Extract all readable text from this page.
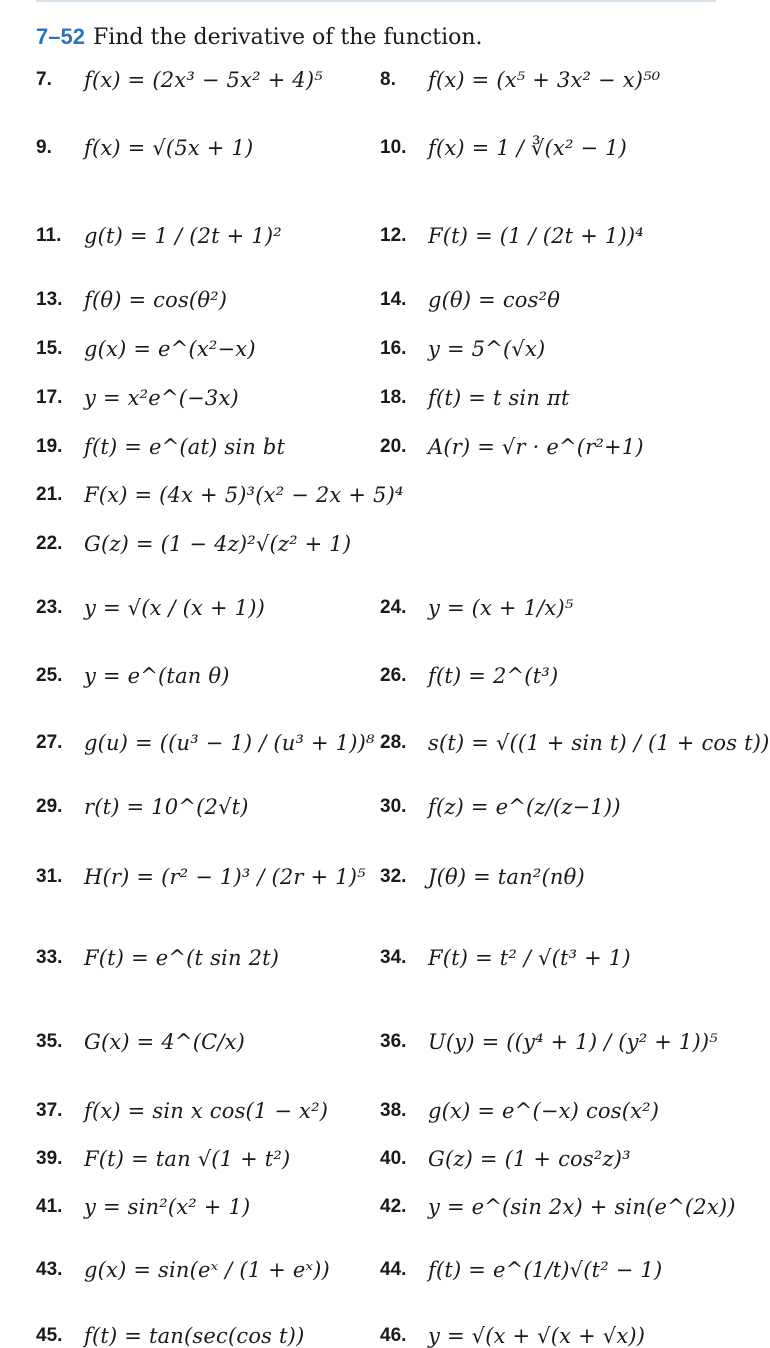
7–52 Find the derivative of the function.
7. f(x) = (2x³ − 5x² + 4)⁵	8. f(x) = (x⁵ + 3x² − x)⁵⁰
9. f(x) = √(5x + 1)	10. f(x) = 1 / ∛(x² − 1)
11. g(t) = 1 / (2t + 1)²	12. F(t) = (1 / (2t + 1))⁴
13. f(θ) = cos(θ²)	14. g(θ) = cos²θ
15. g(x) = e^(x²−x)	16. y = 5^(√x)
17. y = x²e^(−3x)	18. f(t) = t sin πt
19. f(t) = e^(at) sin bt	20. A(r) = √r · e^(r²+1)
21. F(x) = (4x + 5)³(x² − 2x + 5)⁴
22. G(z) = (1 − 4z)²√(z² + 1)
23. y = √(x / (x + 1))	24. y = (x + 1/x)⁵
25. y = e^(tan θ)	26. f(t) = 2^(t³)
27. g(u) = ((u³ − 1) / (u³ + 1))⁸ 28. s(t) = √((1 + sin t) / (1 + cos t))
29. r(t) = 10^(2√t)	30. f(z) = e^(z/(z−1))
31. H(r) = (r² − 1)³ / (2r + 1)⁵ 32. J(θ) = tan²(nθ)
33. F(t) = e^(t sin 2t)	34. F(t) = t² / √(t³ + 1)
35. G(x) = 4^(C/x)	36. U(y) = ((y⁴ + 1) / (y² + 1))⁵
37. f(x) = sin x cos(1 − x²)	38. g(x) = e^(−x) cos(x²)
39. F(t) = tan √(1 + t²)	40. G(z) = (1 + cos²z)³
41. y = sin²(x² + 1)	42. y = e^(sin 2x) + sin(e^(2x))
43. g(x) = sin(eˣ / (1 + eˣ))	44. f(t) = e^(1/t)√(t² − 1)
45. f(t) = tan(sec(cos t))	46. y = √(x + √(x + √x))
